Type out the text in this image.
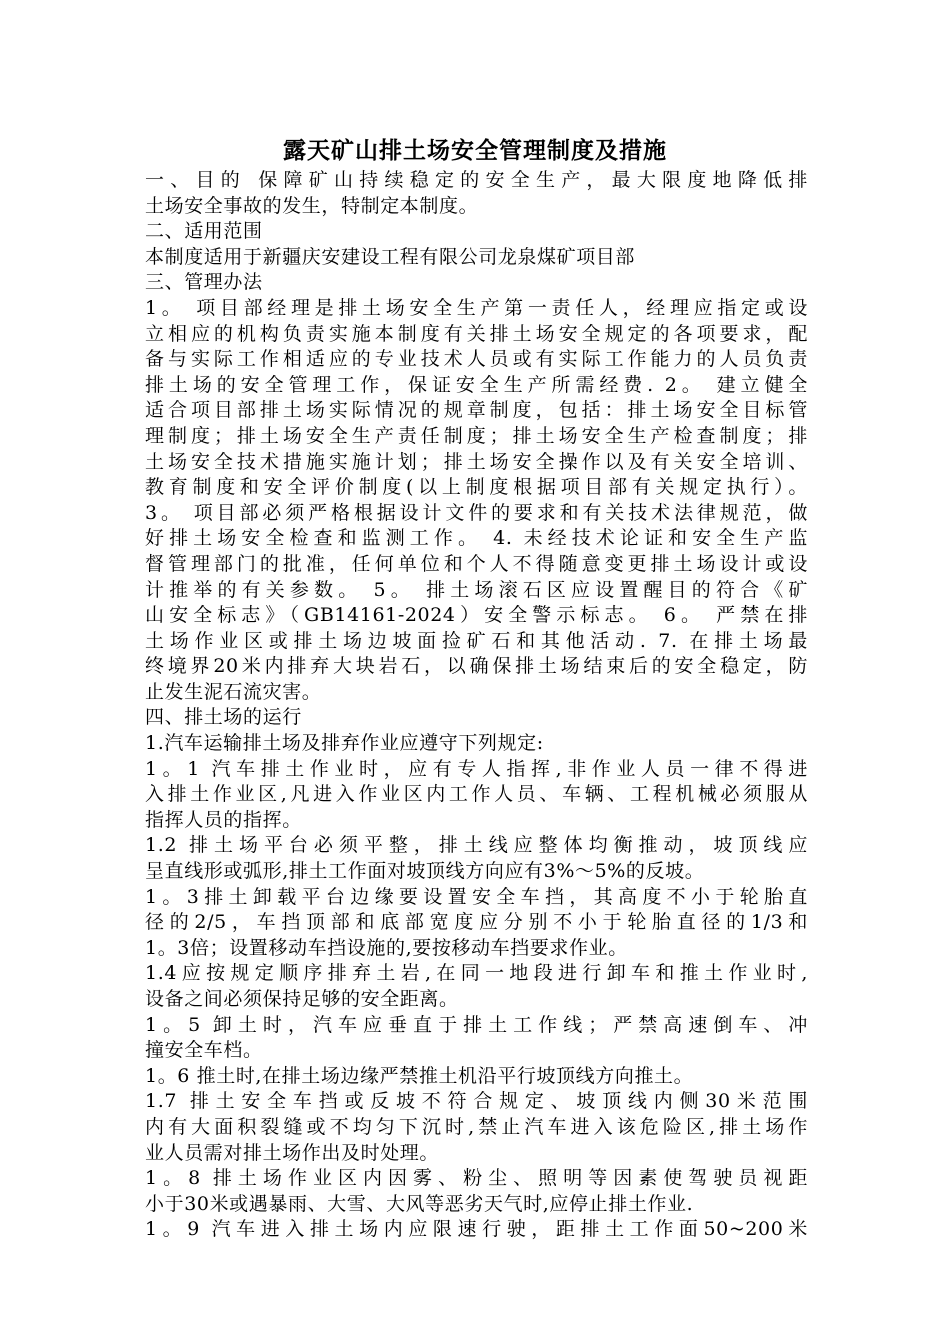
露天矿山排土场安全管理制度及措施
一、目的 保障矿山持续稳定的安全生产，最大限度地降低排
土场安全事故的发生，特制定本制度。
二、适用范围
本制度适用于新疆庆安建设工程有限公司龙泉煤矿项目部
三、管理办法
1。 项目部经理是排土场安全生产第一责任人，经理应指定或设
立相应的机构负责实施本制度有关排土场安全规定的各项要求，配
备与实际工作相适应的专业技术人员或有实际工作能力的人员负责
排土场的安全管理工作，保证安全生产所需经费. 2。 建立健全
适合项目部排土场实际情况的规章制度，包括：排土场安全目标管
理制度；排土场安全生产责任制度；排土场安全生产检查制度；排
土场安全技术措施实施计划；排土场安全操作以及有关安全培训、
教育制度和安全评价制度(以上制度根据项目部有关规定执行）。
3。 项目部必须严格根据设计文件的要求和有关技术法律规范，做
好排土场安全检查和监测工作。 4. 未经技术论证和安全生产监
督管理部门的批准，任何单位和个人不得随意变更排土场设计或设
计推举的有关参数。 5。 排土场滚石区应设置醒目的符合《矿
山安全标志》（GB14161-2024）安全警示标志。 6。 严禁在排
土场作业区或排土场边坡面捡矿石和其他活动. 7. 在排土场最
终境界20米内排弃大块岩石，以确保排土场结束后的安全稳定，防
止发生泥石流灾害。
四、排土场的运行
1.汽车运输排土场及排弃作业应遵守下列规定:
1。1 汽车排土作业时，应有专人指挥,非作业人员一律不得进
入排土作业区,凡进入作业区内工作人员、车辆、工程机械必须服从
指挥人员的指挥。
1.2 排土场平台必须平整，排土线应整体均衡推动，坡顶线应
呈直线形或弧形,排土工作面对坡顶线方向应有3%～5%的反坡。
1。3排土卸载平台边缘要设置安全车挡，其高度不小于轮胎直
径的2/5，车挡顶部和底部宽度应分别不小于轮胎直径的1/3和
1。3倍；设置移动车挡设施的,要按移动车挡要求作业。
1.4应按规定顺序排弃土岩,在同一地段进行卸车和推土作业时,
设备之间必须保持足够的安全距离。
1。5 卸土时，汽车应垂直于排土工作线；严禁高速倒车、冲
撞安全车档。
1。6 推土时,在排土场边缘严禁推土机沿平行坡顶线方向推土。
1.7 排土安全车挡或反坡不符合规定、坡顶线内侧30米范围
内有大面积裂缝或不均匀下沉时,禁止汽车进入该危险区,排土场作
业人员需对排土场作出及时处理。
1。8 排土场作业区内因雾、粉尘、照明等因素使驾驶员视距
小于30米或遇暴雨、大雪、大风等恶劣天气时,应停止排土作业.
1。9 汽车进入排土场内应限速行驶，距排土工作面50~200米
